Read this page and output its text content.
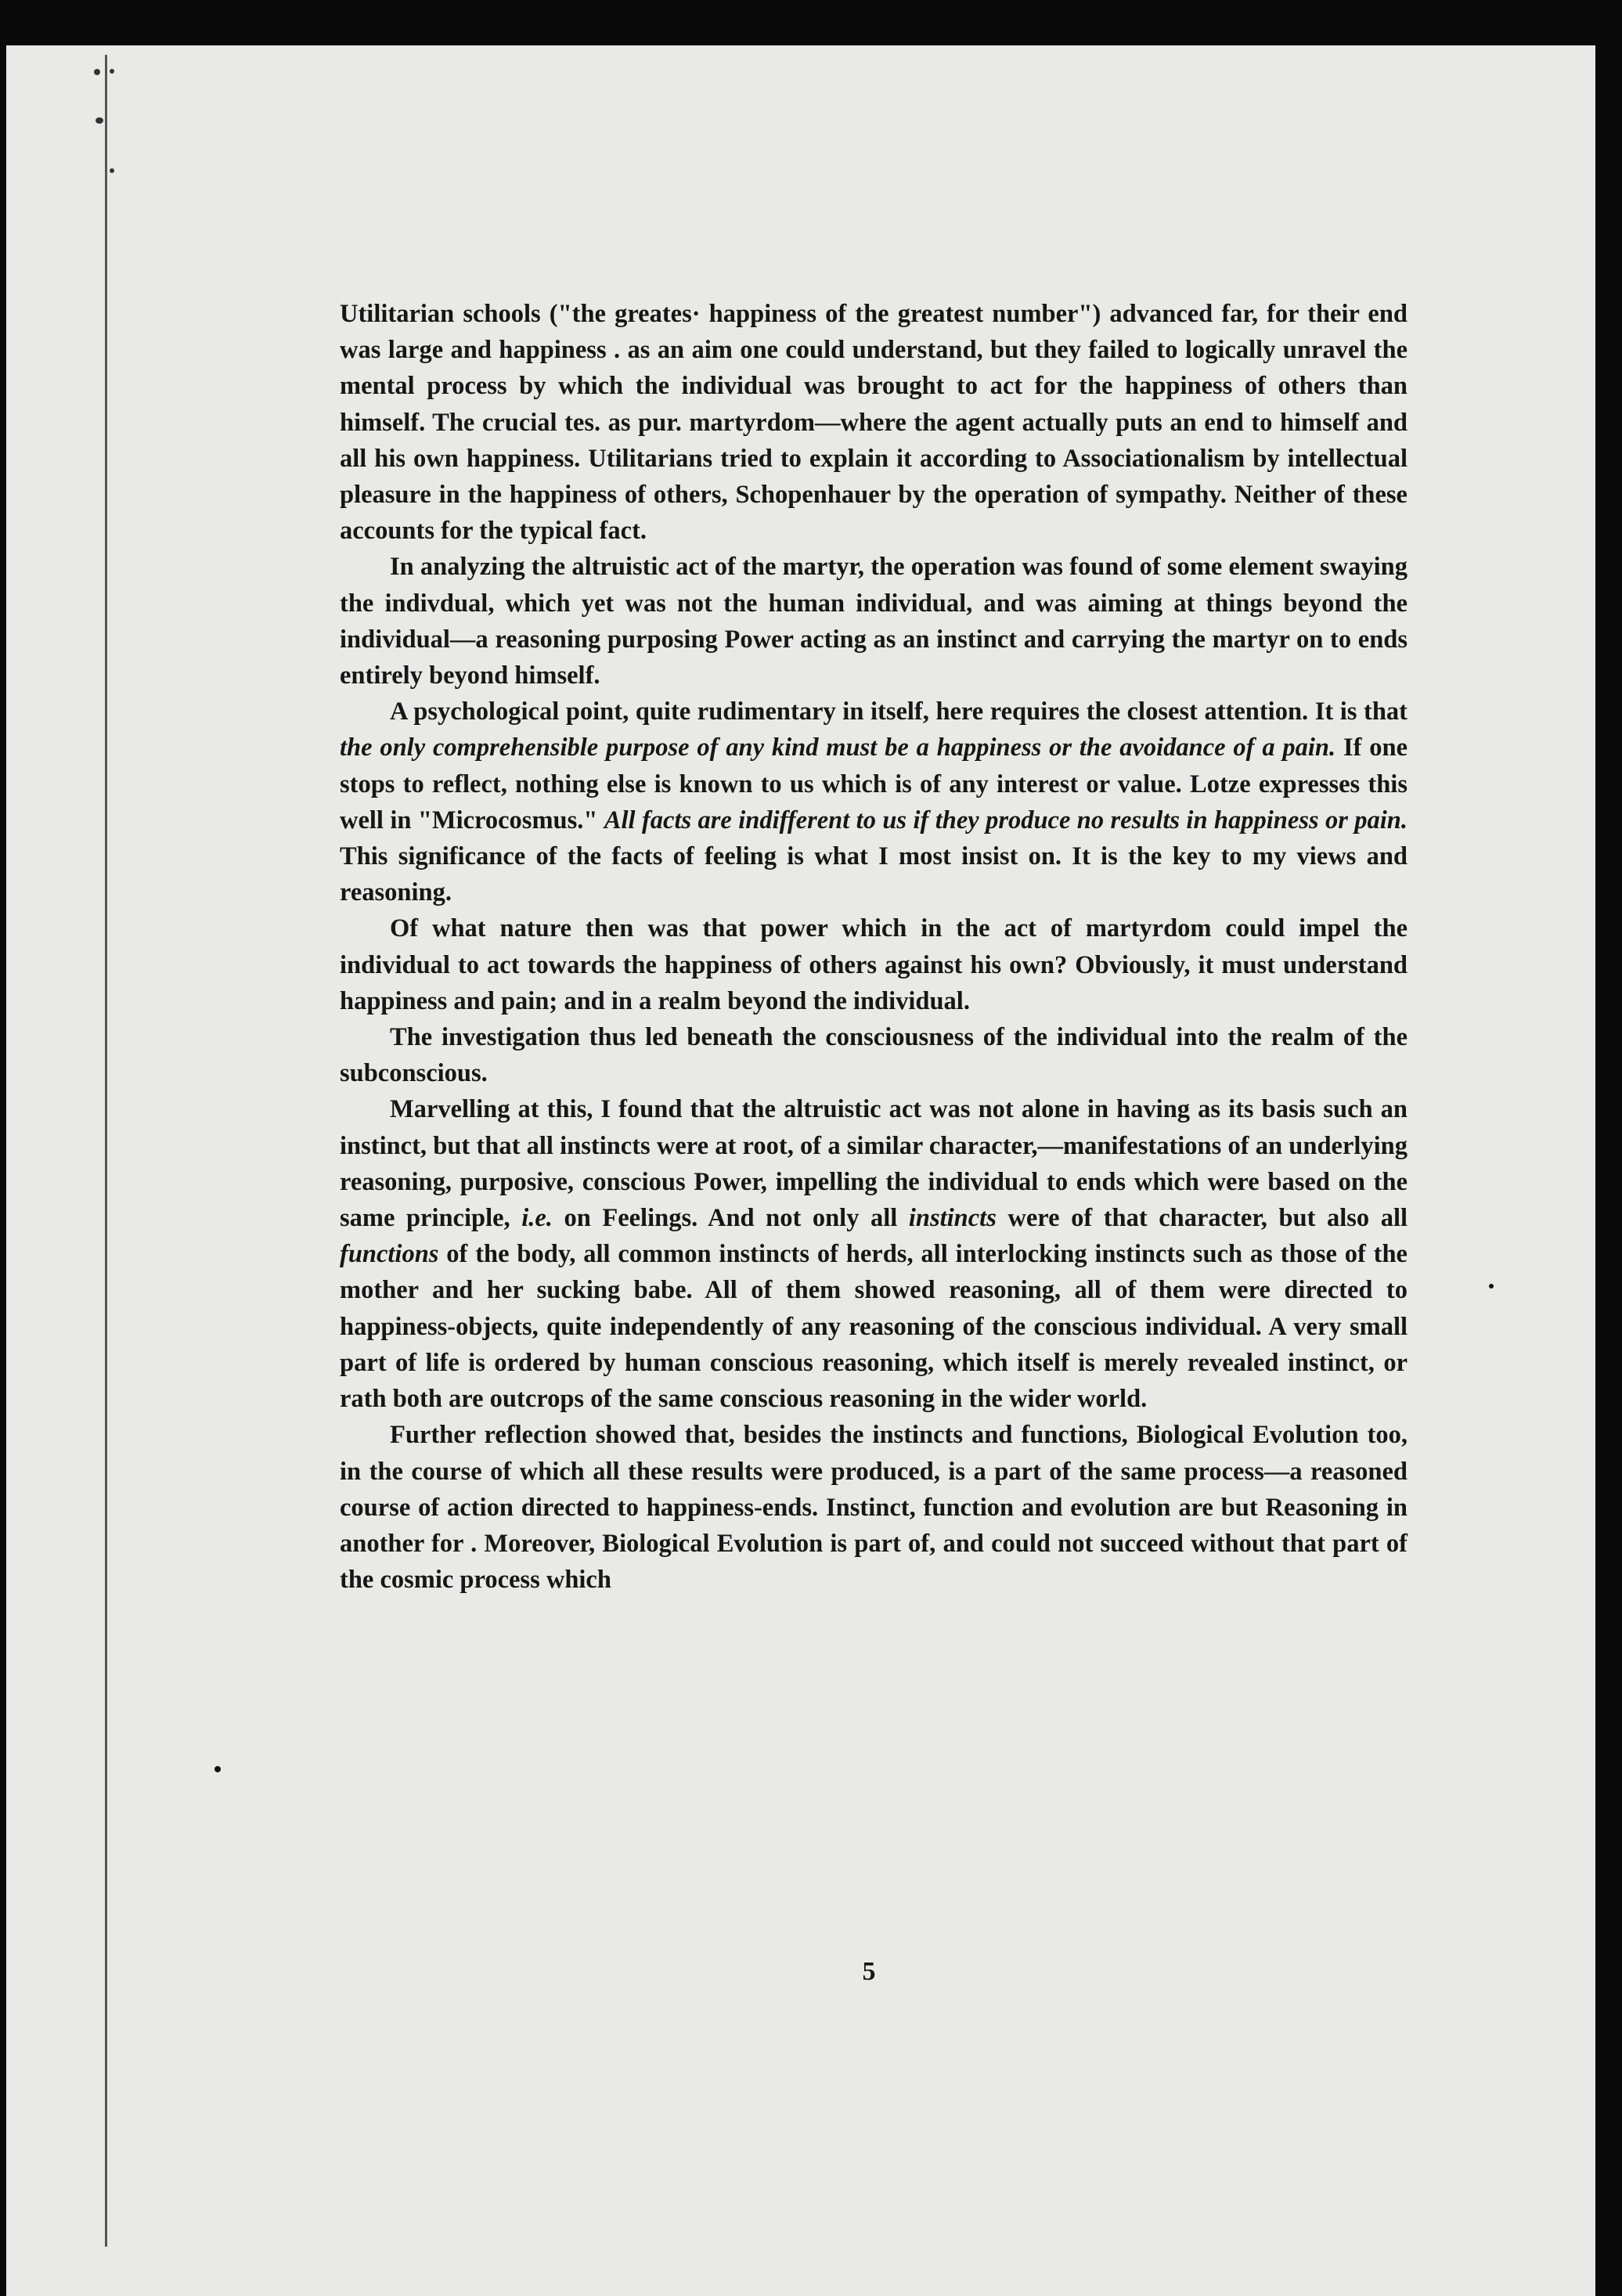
Utilitarian schools ("the greates· happiness of the greatest number") advanced far, for their end was large and happiness . as an aim one could understand, but they failed to logically unravel the mental process by which the individual was brought to act for the happiness of others than himself. The crucial tes. as pur. martyrdom—where the agent actually puts an end to himself and all his own happiness. Utilitarians tried to explain it according to Associationalism by intellectual pleasure in the happiness of others, Schopenhauer by the operation of sympathy. Neither of these accounts for the typical fact.

In analyzing the altruistic act of the martyr, the operation was found of some element swaying the indivdual, which yet was not the human individual, and was aiming at things beyond the individual—a reasoning purposing Power acting as an instinct and carrying the martyr on to ends entirely beyond himself.

A psychological point, quite rudimentary in itself, here requires the closest attention. It is that the only comprehensible purpose of any kind must be a happiness or the avoidance of a pain. If one stops to reflect, nothing else is known to us which is of any interest or value. Lotze expresses this well in "Microcosmus." All facts are indifferent to us if they produce no results in happiness or pain. This significance of the facts of feeling is what I most insist on. It is the key to my views and reasoning.

Of what nature then was that power which in the act of martyrdom could impel the individual to act towards the happiness of others against his own? Obviously, it must understand happiness and pain; and in a realm beyond the individual.

The investigation thus led beneath the consciousness of the individual into the realm of the subconscious.

Marvelling at this, I found that the altruistic act was not alone in having as its basis such an instinct, but that all instincts were at root, of a similar character,—manifestations of an underlying reasoning, purposive, conscious Power, impelling the individual to ends which were based on the same principle, i.e. on Feelings. And not only all instincts were of that character, but also all functions of the body, all common instincts of herds, all interlocking instincts such as those of the mother and her sucking babe. All of them showed reasoning, all of them were directed to happiness-objects, quite independently of any reasoning of the conscious individual. A very small part of life is ordered by human conscious reasoning, which itself is merely revealed instinct, or rath both are outcrops of the same conscious reasoning in the wider world.

Further reflection showed that, besides the instincts and functions, Biological Evolution too, in the course of which all these results were produced, is a part of the same process—a reasoned course of action directed to happiness-ends. Instinct, function and evolution are but Reasoning in another for . Moreover, Biological Evolution is part of, and could not succeed without that part of the cosmic process which

5
